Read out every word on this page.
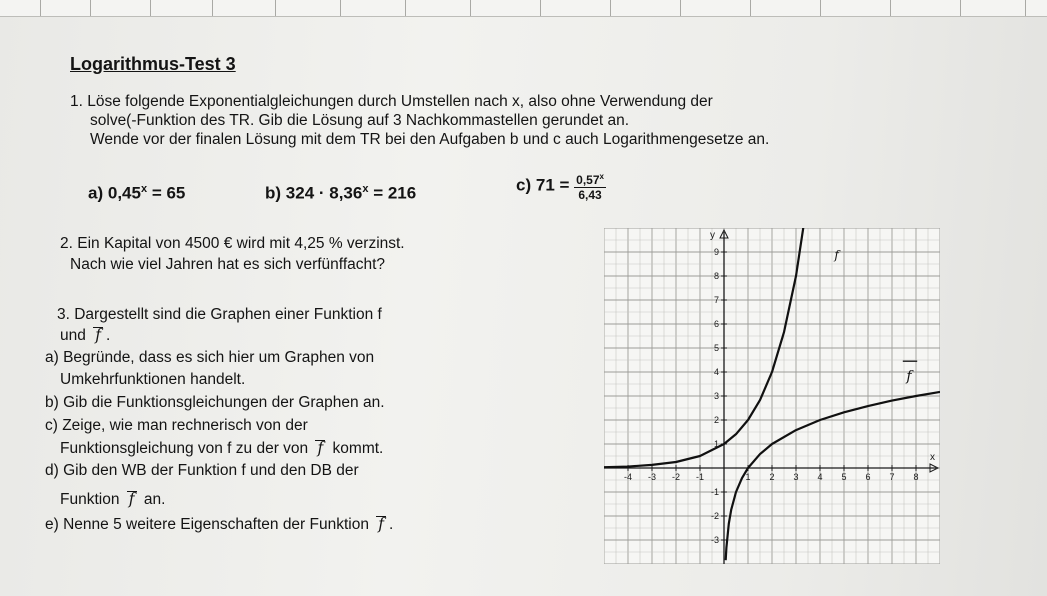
Logarithmus-Test 3
1. Löse folgende Exponentialgleichungen durch Umstellen nach x, also ohne Verwendung der
solve(-Funktion des TR. Gib die Lösung auf 3 Nachkommastellen gerundet an.
Wende vor der finalen Lösung mit dem TR bei den Aufgaben b und c auch Logarithmengesetze an.
a) $0,45^x = 65$	b) $324 \cdot 8,36^x = 216$	c) $71 = \frac{0,57^x}{6,43}$
2. Ein Kapital von 4500 € wird mit 4,25 % verzinst.
Nach wie viel Jahren hat es sich verfünffacht?
3. Dargestellt sind die Graphen einer Funktion f
und f .
a) Begründe, dass es sich hier um Graphen von
Umkehrfunktionen handelt.
b) Gib die Funktionsgleichungen der Graphen an.
c) Zeige, wie man rechnerisch von der
Funktionsgleichung von f zu der von f kommt.
d) Gib den WB der Funktion f und den DB der
Funktion f an.
e) Nenne 5 weitere Eigenschaften der Funktion f .
x
y
-4 -3 -2 -1	1 2 3 4 5 6 7 8
-3
-2
-1
1
2
3
4
5
6
7
8
9	f
f
